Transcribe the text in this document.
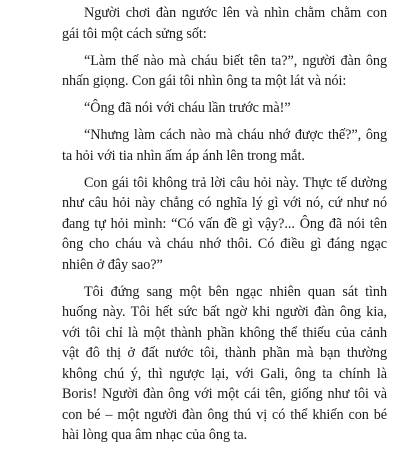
Người chơi đàn ngước lên và nhìn chằm chằm con gái tôi một cách sửng sốt:

“Làm thế nào mà cháu biết tên ta?”, người đàn ông nhấn giọng. Con gái tôi nhìn ông ta một lát và nói:

“Ông đã nói với cháu lần trước mà!”

“Nhưng làm cách nào mà cháu nhớ được thế?”, ông ta hỏi với tia nhìn ấm áp ánh lên trong mắt.

Con gái tôi không trả lời câu hỏi này. Thực tế dường như câu hỏi này chẳng có nghĩa lý gì với nó, cứ như nó đang tự hỏi mình: “Có vấn đề gì vậy?... Ông đã nói tên ông cho cháu và cháu nhớ thôi. Có điều gì đáng ngạc nhiên ở đây sao?”

Tôi đứng sang một bên ngạc nhiên quan sát tình huống này. Tôi hết sức bất ngờ khi người đàn ông kia, với tôi chỉ là một thành phần không thể thiếu của cảnh vật đô thị ở đất nước tôi, thành phần mà bạn thường không chú ý, thì ngược lại, với Gali, ông ta chính là Boris! Người đàn ông với một cái tên, giống như tôi và con bé – một người đàn ông thú vị có thể khiến con bé hài lòng qua âm nhạc của ông ta.
